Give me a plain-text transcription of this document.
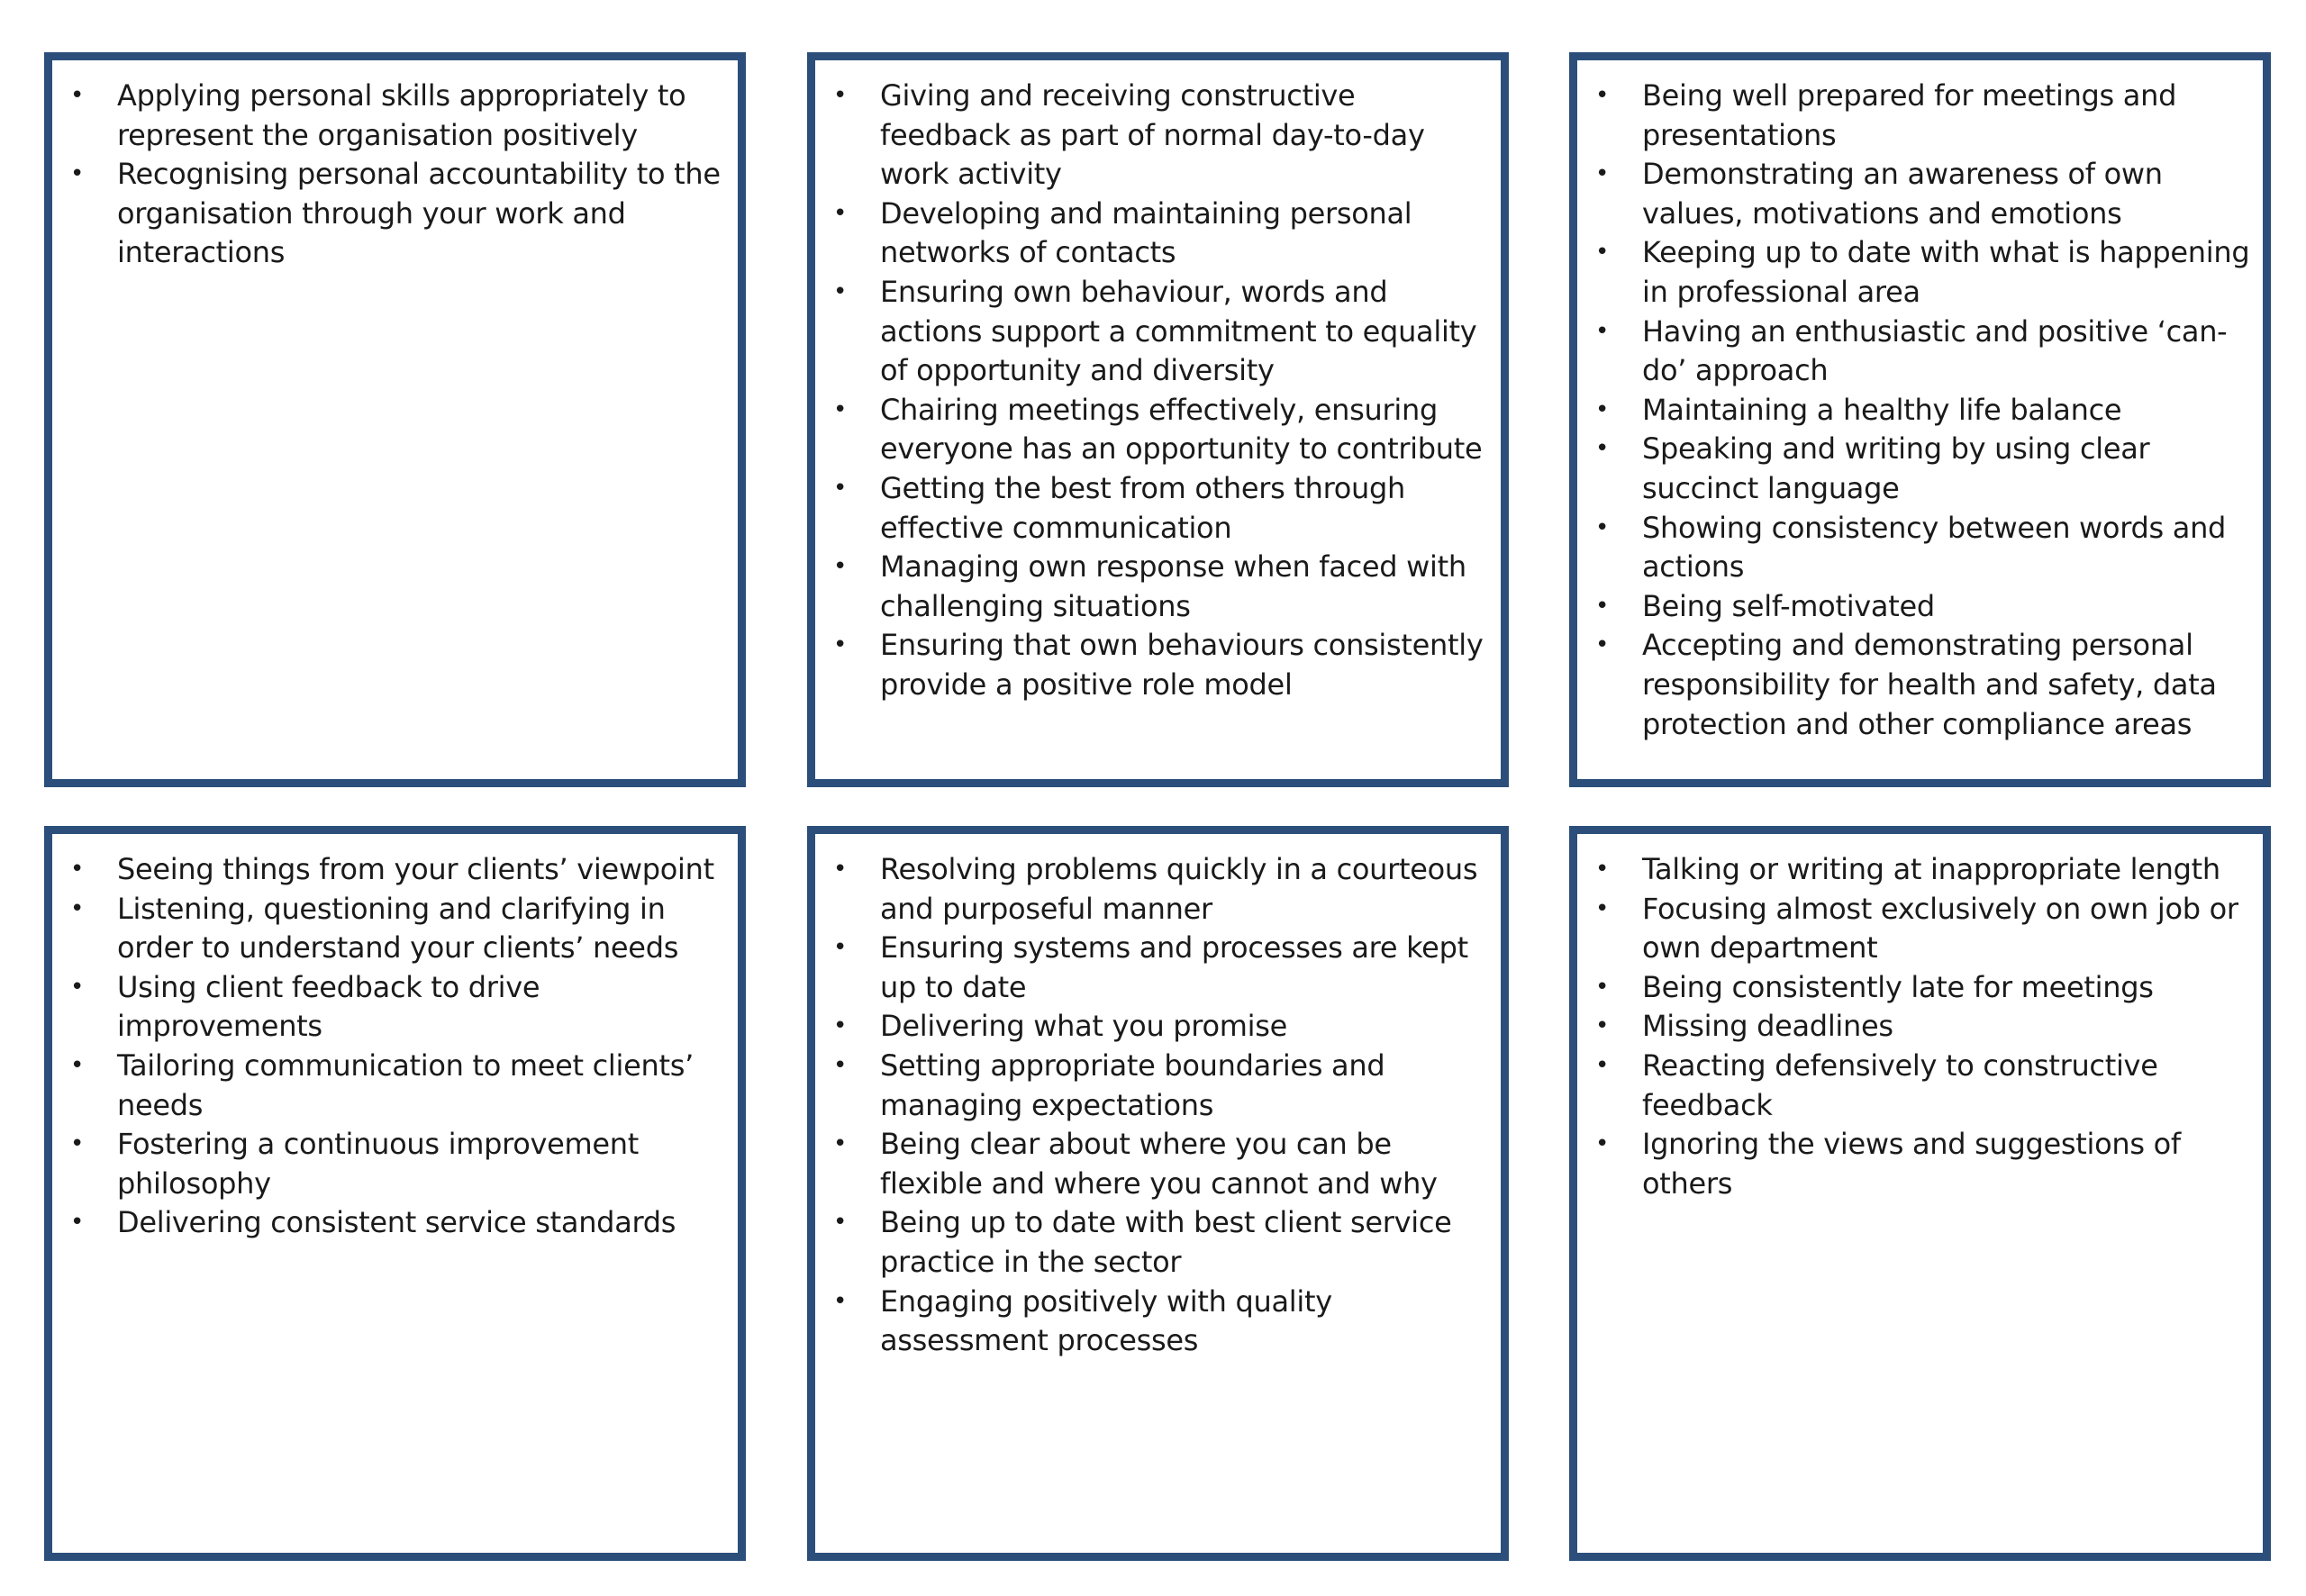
• Applying personal skills appropriately to represent the organisation positively
• Recognising personal accountability to the organisation through your work and interactions
• Giving and receiving constructive feedback as part of normal day-to-day work activity
• Developing and maintaining personal networks of contacts
• Ensuring own behaviour, words and actions support a commitment to equality of opportunity and diversity
• Chairing meetings effectively, ensuring everyone has an opportunity to contribute
• Getting the best from others through effective communication
• Managing own response when faced with challenging situations
• Ensuring that own behaviours consistently provide a positive role model
• Being well prepared for meetings and presentations
• Demonstrating an awareness of own values, motivations and emotions
• Keeping up to date with what is happening in professional area
• Having an enthusiastic and positive ‘can-do’ approach
• Maintaining a healthy life balance
• Speaking and writing by using clear succinct language
• Showing consistency between words and actions
• Being self-motivated
• Accepting and demonstrating personal responsibility for health and safety, data protection and other compliance areas
• Seeing things from your clients’ viewpoint
• Listening, questioning and clarifying in order to understand your clients’ needs
• Using client feedback to drive improvements
• Tailoring communication to meet clients’ needs
• Fostering a continuous improvement philosophy
• Delivering consistent service standards
• Resolving problems quickly in a courteous and purposeful manner
• Ensuring systems and processes are kept up to date
• Delivering what you promise
• Setting appropriate boundaries and managing expectations
• Being clear about where you can be flexible and where you cannot and why
• Being up to date with best client service practice in the sector
• Engaging positively with quality assessment processes
• Talking or writing at inappropriate length
• Focusing almost exclusively on own job or own department
• Being consistently late for meetings
• Missing deadlines
• Reacting defensively to constructive feedback
• Ignoring the views and suggestions of others
